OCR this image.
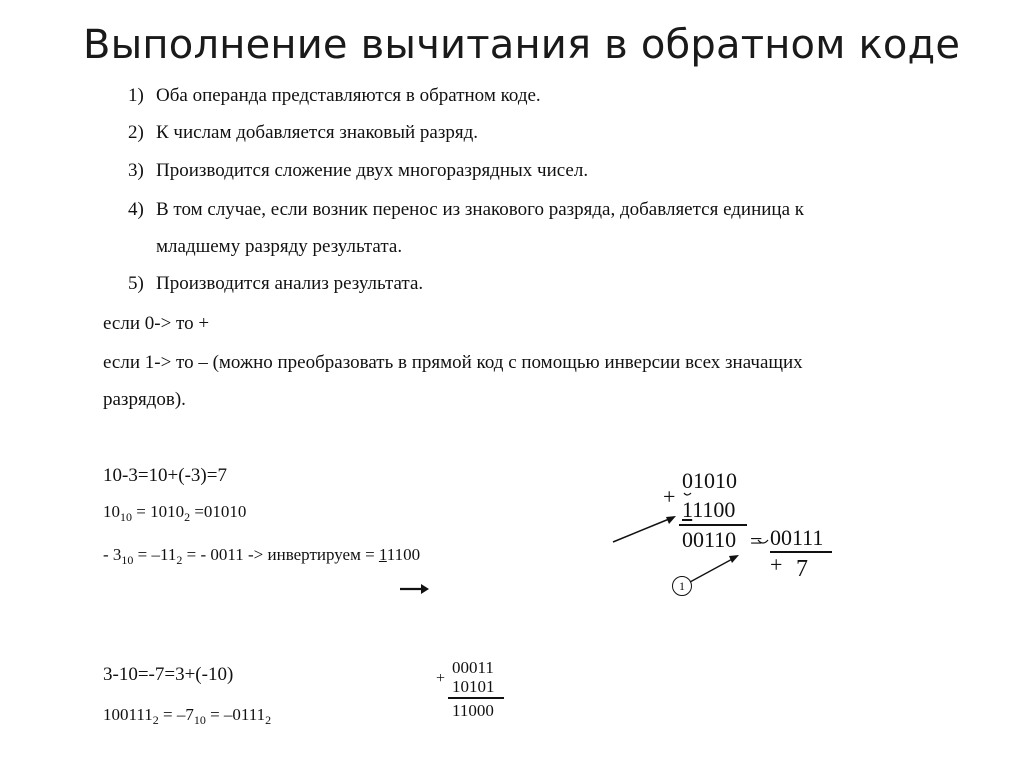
Выполнение вычитания в обратном коде
1) Оба операнда представляются в обратном коде.
2) К числам добавляется знаковый разряд.
3) Производится сложение двух многоразрядных чисел.
4) В том случае, если возник перенос из знакового разряда, добавляется единица к
младшему разряду результата.
5) Производится анализ результата.
если 0-> то +
если 1-> то – (можно преобразовать в прямой код с помощью инверсии всех значащих
разрядов).
10-3=10+(-3)=7
$10_{10} = 1010_2 =01010$
- $3_{10} = -11_2$ = - 0011 -> инвертируем = 11100
+
01010
11100
00110 = 00111
+ 7
1
3-10=-7=3+(-10)
$100111_2 = -7_{10} = -0111_2$
+
00011
10101
11000
